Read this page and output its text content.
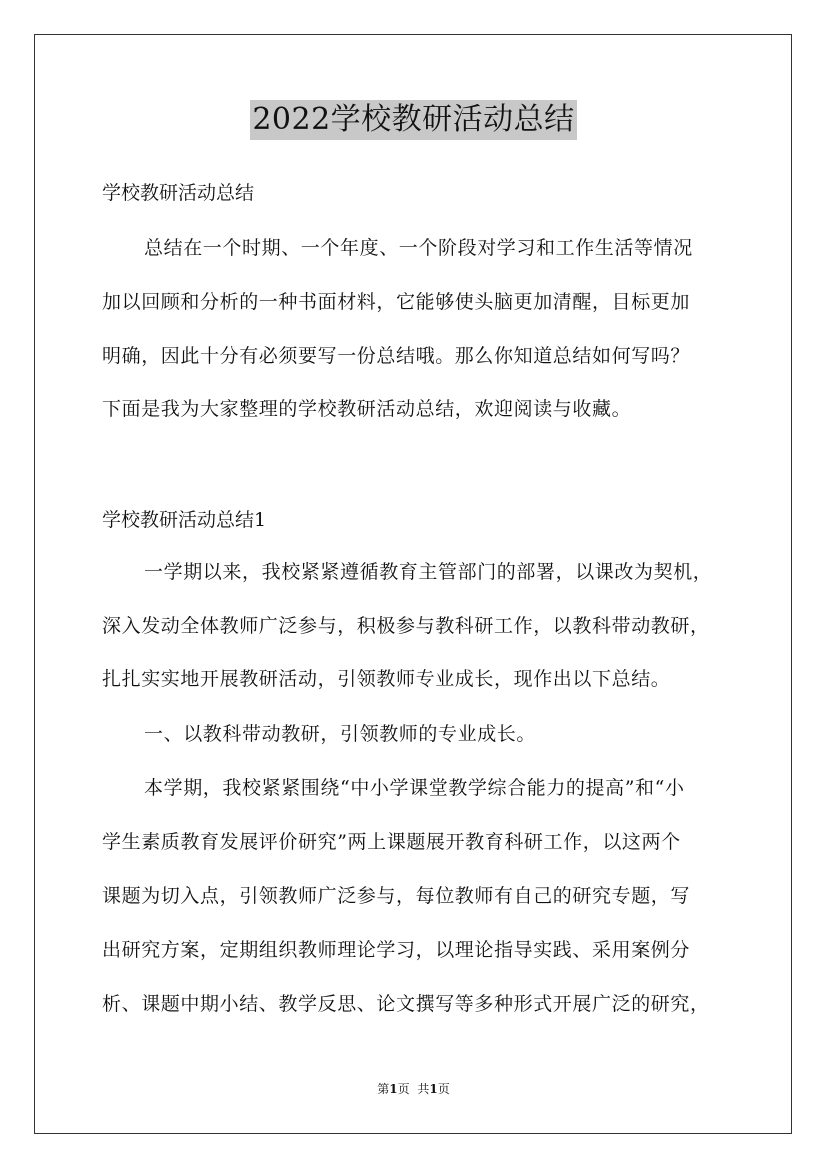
2022学校教研活动总结
学校教研活动总结
总结在一个时期、一个年度、一个阶段对学习和工作生活等情况
加以回顾和分析的一种书面材料，它能够使头脑更加清醒，目标更加
明确，因此十分有必须要写一份总结哦。那么你知道总结如何写吗？
下面是我为大家整理的学校教研活动总结，欢迎阅读与收藏。
学校教研活动总结1
一学期以来，我校紧紧遵循教育主管部门的部署，以课改为契机，
深入发动全体教师广泛参与，积极参与教科研工作，以教科带动教研，
扎扎实实地开展教研活动，引领教师专业成长，现作出以下总结。
一、以教科带动教研，引领教师的专业成长。
本学期，我校紧紧围绕“中小学课堂教学综合能力的提高”和“小
学生素质教育发展评价研究”两上课题展开教育科研工作，以这两个
课题为切入点，引领教师广泛参与，每位教师有自己的研究专题，写
出研究方案，定期组织教师理论学习，以理论指导实践、采用案例分
析、课题中期小结、教学反思、论文撰写等多种形式开展广泛的研究，
第1页 共1页
